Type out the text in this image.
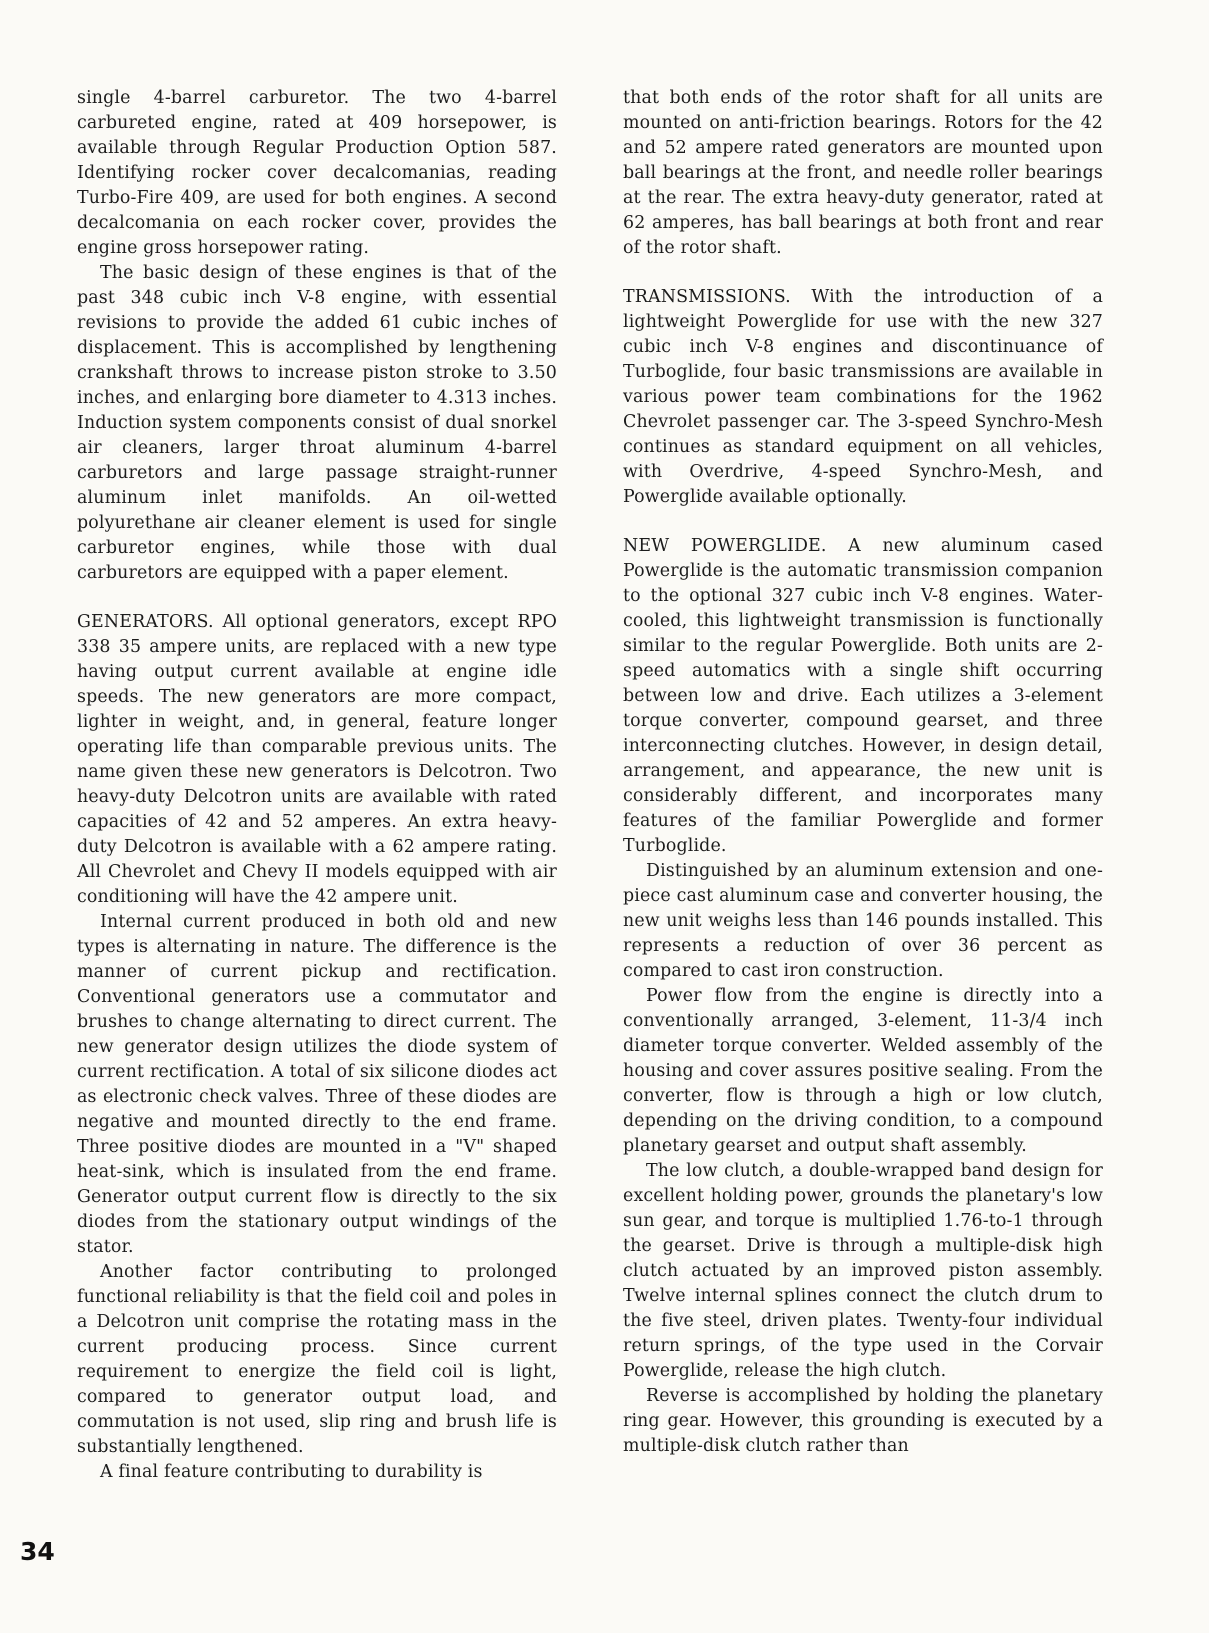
single 4-barrel carburetor. The two 4-barrel carbureted engine, rated at 409 horsepower, is available through Regular Production Option 587. Identifying rocker cover decalcomanias, reading Turbo-Fire 409, are used for both engines. A second decalcomania on each rocker cover, provides the engine gross horsepower rating.

The basic design of these engines is that of the past 348 cubic inch V-8 engine, with essential revisions to provide the added 61 cubic inches of displacement. This is accomplished by lengthening crankshaft throws to increase piston stroke to 3.50 inches, and enlarging bore diameter to 4.313 inches. Induction system components consist of dual snorkel air cleaners, larger throat aluminum 4-barrel carburetors and large passage straight-runner aluminum inlet manifolds. An oil-wetted polyurethane air cleaner element is used for single carburetor engines, while those with dual carburetors are equipped with a paper element.

GENERATORS. All optional generators, except RPO 338 35 ampere units, are replaced with a new type having output current available at engine idle speeds. The new generators are more compact, lighter in weight, and, in general, feature longer operating life than comparable previous units. The name given these new generators is Delcotron. Two heavy-duty Delcotron units are available with rated capacities of 42 and 52 amperes. An extra heavy-duty Delcotron is available with a 62 ampere rating. All Chevrolet and Chevy II models equipped with air conditioning will have the 42 ampere unit.

Internal current produced in both old and new types is alternating in nature. The difference is the manner of current pickup and rectification. Conventional generators use a commutator and brushes to change alternating to direct current. The new generator design utilizes the diode system of current rectification. A total of six silicone diodes act as electronic check valves. Three of these diodes are negative and mounted directly to the end frame. Three positive diodes are mounted in a "V" shaped heat-sink, which is insulated from the end frame. Generator output current flow is directly to the six diodes from the stationary output windings of the stator.

Another factor contributing to prolonged functional reliability is that the field coil and poles in a Delcotron unit comprise the rotating mass in the current producing process. Since current requirement to energize the field coil is light, compared to generator output load, and commutation is not used, slip ring and brush life is substantially lengthened.

A final feature contributing to durability is

that both ends of the rotor shaft for all units are mounted on anti-friction bearings. Rotors for the 42 and 52 ampere rated generators are mounted upon ball bearings at the front, and needle roller bearings at the rear. The extra heavy-duty generator, rated at 62 amperes, has ball bearings at both front and rear of the rotor shaft.

TRANSMISSIONS. With the introduction of a lightweight Powerglide for use with the new 327 cubic inch V-8 engines and discontinuance of Turboglide, four basic transmissions are available in various power team combinations for the 1962 Chevrolet passenger car. The 3-speed Synchro-Mesh continues as standard equipment on all vehicles, with Overdrive, 4-speed Synchro-Mesh, and Powerglide available optionally.

NEW POWERGLIDE. A new aluminum cased Powerglide is the automatic transmission companion to the optional 327 cubic inch V-8 engines. Water-cooled, this lightweight transmission is functionally similar to the regular Powerglide. Both units are 2-speed automatics with a single shift occurring between low and drive. Each utilizes a 3-element torque converter, compound gearset, and three interconnecting clutches. However, in design detail, arrangement, and appearance, the new unit is considerably different, and incorporates many features of the familiar Powerglide and former Turboglide.

Distinguished by an aluminum extension and one-piece cast aluminum case and converter housing, the new unit weighs less than 146 pounds installed. This represents a reduction of over 36 percent as compared to cast iron construction.

Power flow from the engine is directly into a conventionally arranged, 3-element, 11-3/4 inch diameter torque converter. Welded assembly of the housing and cover assures positive sealing. From the converter, flow is through a high or low clutch, depending on the driving condition, to a compound planetary gearset and output shaft assembly.

The low clutch, a double-wrapped band design for excellent holding power, grounds the planetary's low sun gear, and torque is multiplied 1.76-to-1 through the gearset. Drive is through a multiple-disk high clutch actuated by an improved piston assembly. Twelve internal splines connect the clutch drum to the five steel, driven plates. Twenty-four individual return springs, of the type used in the Corvair Powerglide, release the high clutch.

Reverse is accomplished by holding the planetary ring gear. However, this grounding is executed by a multiple-disk clutch rather than

34
